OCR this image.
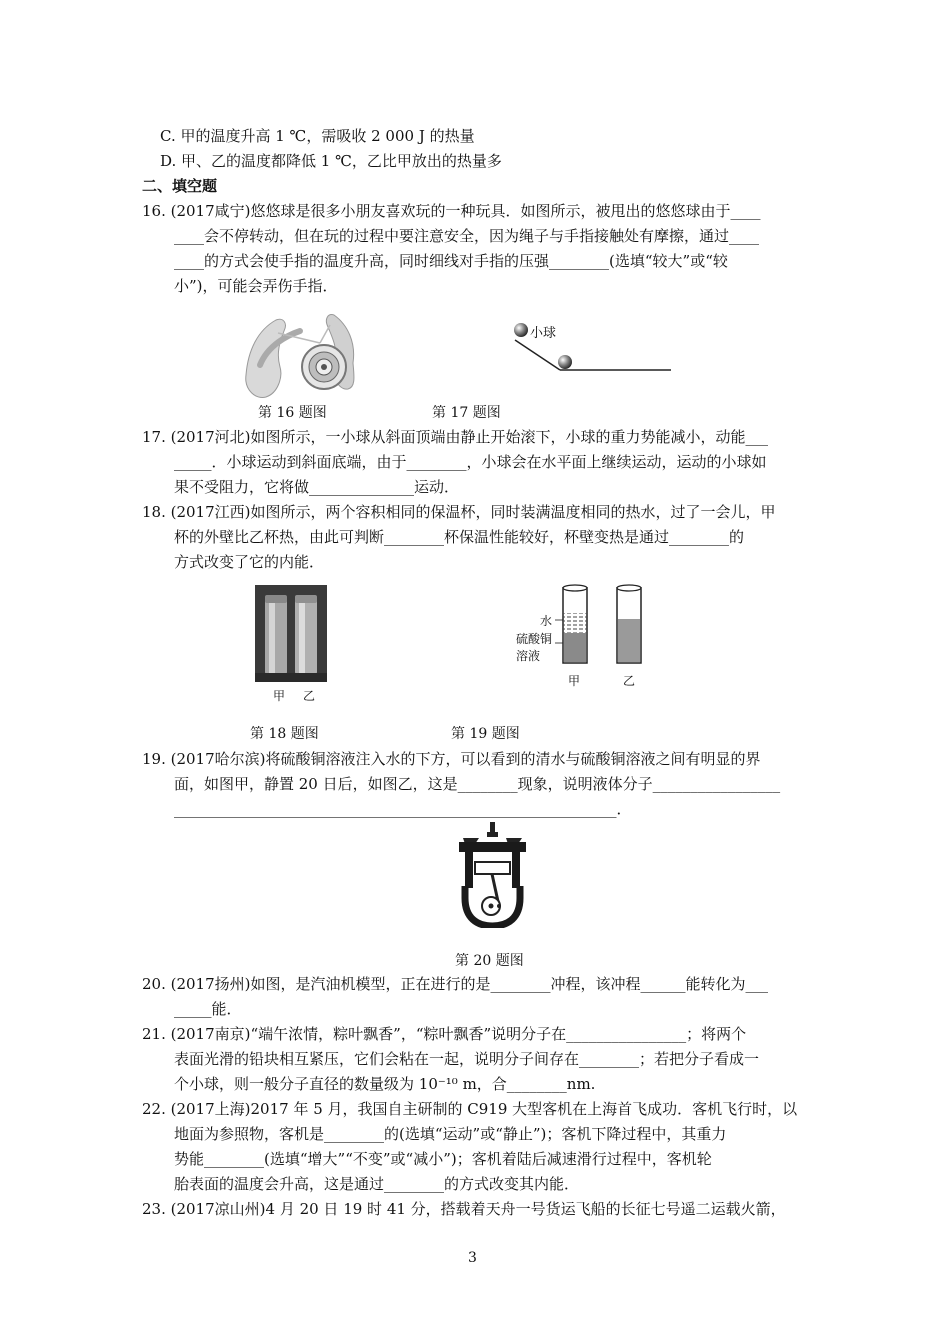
C. 甲的温度升高 1 ℃，需吸收 2 000 J 的热量
D. 甲、乙的温度都降低 1 ℃，乙比甲放出的热量多
二、填空题
16. (2017咸宁)悠悠球是很多小朋友喜欢玩的一种玩具．如图所示，被甩出的悠悠球由于____
____会不停转动，但在玩的过程中要注意安全，因为绳子与手指接触处有摩擦，通过____
____的方式会使手指的温度升高，同时细线对手指的压强________(选填“较大”或“较
小”)，可能会弄伤手指．
第 16 题图
小球
第 17 题图
17. (2017河北)如图所示，一小球从斜面顶端由静止开始滚下，小球的重力势能减小，动能___
_____．小球运动到斜面底端，由于________，小球会在水平面上继续运动，运动的小球如
果不受阻力，它将做______________运动．
18. (2017江西)如图所示，两个容积相同的保温杯，同时装满温度相同的热水，过了一会儿，甲
杯的外壁比乙杯热，由此可判断________杯保温性能较好，杯壁变热是通过________的
方式改变了它的内能．
甲 乙
第 18 题图
水
硫酸铜
溶液
甲	乙
第 19 题图
19. (2017哈尔滨)将硫酸铜溶液注入水的下方，可以看到的清水与硫酸铜溶液之间有明显的界
面，如图甲，静置 20 日后，如图乙，这是________现象，说明液体分子_________________
___________________________________________________________．
第 20 题图
20. (2017扬州)如图，是汽油机模型，正在进行的是________冲程，该冲程______能转化为___
_____能．
21. (2017南京)“端午浓情，粽叶飘香”，“粽叶飘香”说明分子在________________；将两个
表面光滑的铅块相互紧压，它们会粘在一起，说明分子间存在________；若把分子看成一
个小球，则一般分子直径的数量级为 10⁻¹⁰ m，合________nm.
22. (2017上海)2017 年 5 月，我国自主研制的 C919 大型客机在上海首飞成功．客机飞行时，以
地面为参照物，客机是________的(选填“运动”或“静止”)；客机下降过程中，其重力
势能________(选填“增大”“不变”或“减小”)；客机着陆后减速滑行过程中，客机轮
胎表面的温度会升高，这是通过________的方式改变其内能．
23. (2017凉山州)4 月 20 日 19 时 41 分，搭载着天舟一号货运飞船的长征七号遥二运载火箭，
3
